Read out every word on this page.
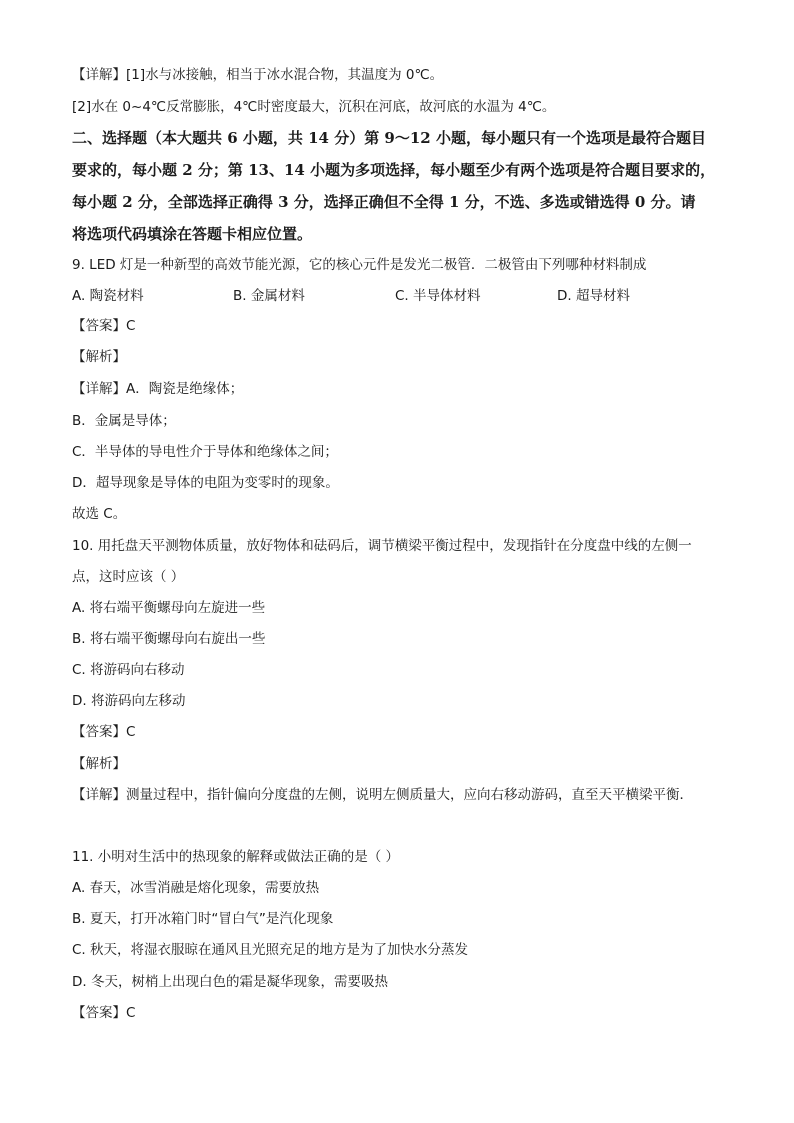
【详解】[1]水与冰接触，相当于冰水混合物，其温度为 0℃。
[2]水在 0~4℃反常膨胀，4℃时密度最大，沉积在河底，故河底的水温为 4℃。
二、选择题（本大题共 6 小题，共 14 分）第 9～12 小题，每小题只有一个选项是最符合题目
要求的，每小题 2 分；第 13、14 小题为多项选择，每小题至少有两个选项是符合题目要求的，
每小题 2 分，全部选择正确得 3 分，选择正确但不全得 1 分，不选、多选或错选得 0 分。请
将选项代码填涂在答题卡相应位置。
9. LED 灯是一种新型的高效节能光源，它的核心元件是发光二极管．二极管由下列哪种材料制成
A. 陶瓷材料	B. 金属材料	C. 半导体材料	D. 超导材料
【答案】C
【解析】
【详解】A．陶瓷是绝缘体；
B．金属是导体；
C．半导体的导电性介于导体和绝缘体之间；
D．超导现象是导体的电阻为变零时的现象。
故选 C。
10. 用托盘天平测物体质量，放好物体和砝码后，调节横梁平衡过程中，发现指针在分度盘中线的左侧一
点，这时应该（ ）
A. 将右端平衡螺母向左旋进一些
B. 将右端平衡螺母向右旋出一些
C. 将游码向右移动
D. 将游码向左移动
【答案】C
【解析】
【详解】测量过程中，指针偏向分度盘的左侧，说明左侧质量大，应向右移动游码，直至天平横梁平衡．
11. 小明对生活中的热现象的解释或做法正确的是（ ）
A. 春天，冰雪消融是熔化现象，需要放热
B. 夏天，打开冰箱门时“冒白气”是汽化现象
C. 秋天，将湿衣服晾在通风且光照充足的地方是为了加快水分蒸发
D. 冬天，树梢上出现白色的霜是凝华现象，需要吸热
【答案】C
